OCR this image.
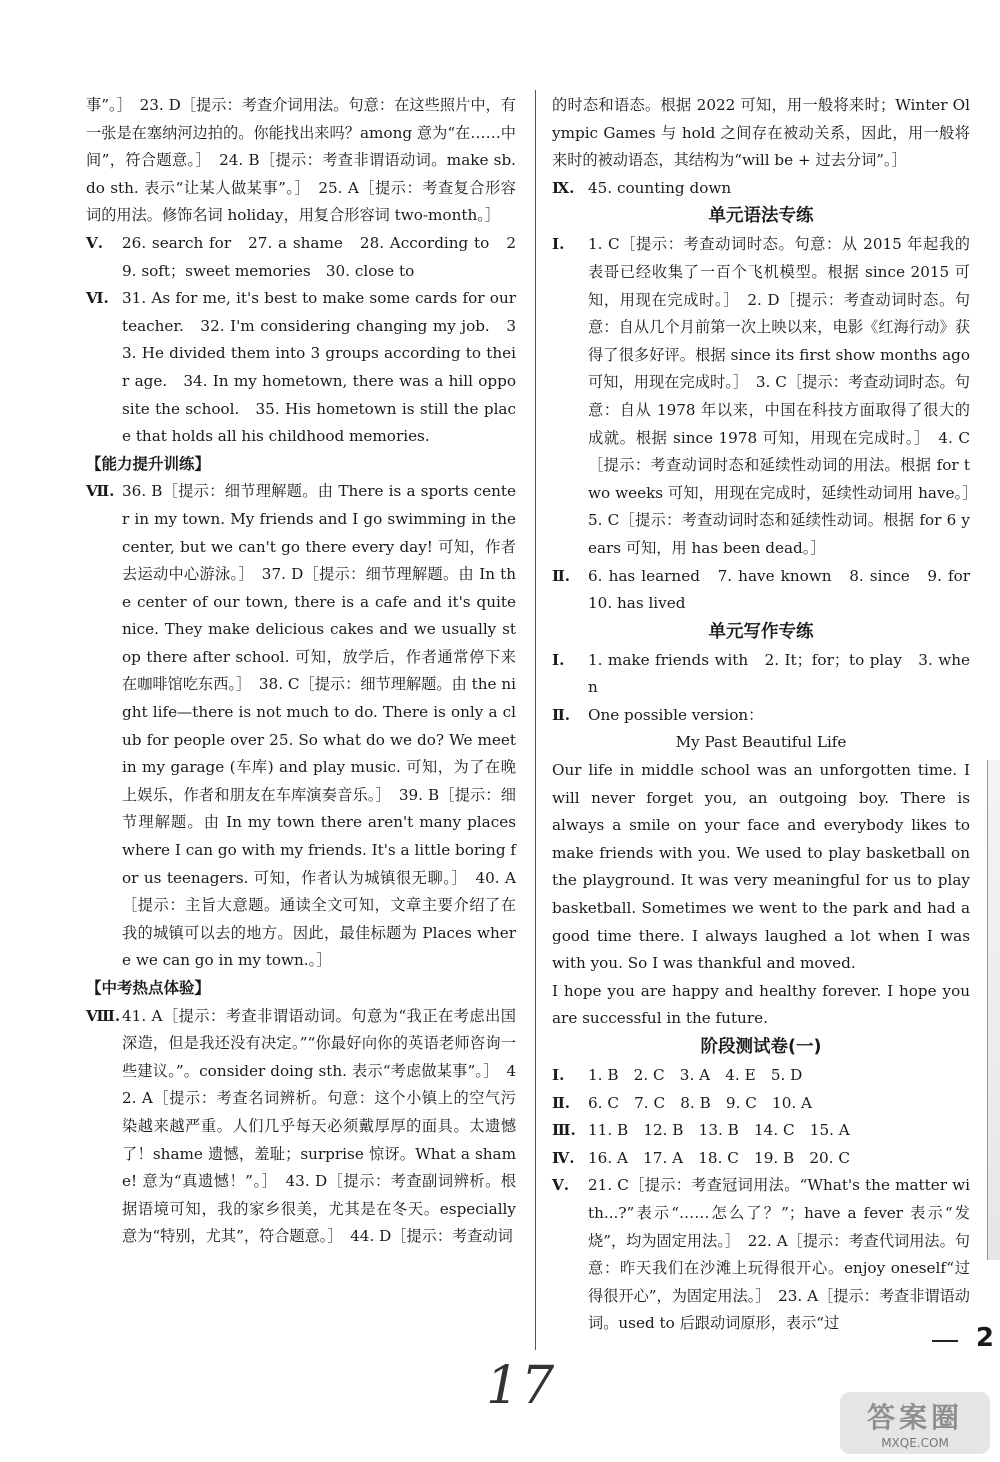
事”。］　23. D［提示：考查介词用法。句意：在这些照片中，有一张是在塞纳河边拍的。你能找出来吗？among 意为“在……中间”，符合题意。］　24. B［提示：考查非谓语动词。make sb. do sth. 表示“让某人做某事”。］　25. A［提示：考查复合形容词的用法。修饰名词 holiday，用复合形容词 two-month。］

Ⅴ. 26. search for　27. a shame　28. According to　29. soft；sweet memories　30. close to

Ⅵ. 31. As for me, it's best to make some cards for our teacher.　32. I'm considering changing my job.　33. He divided them into 3 groups according to their age.　34. In my hometown, there was a hill opposite the school.　35. His hometown is still the place that holds all his childhood memories.

【能力提升训练】

Ⅶ. 36. B［提示：细节理解题。由 There is a sports center in my town. My friends and I go swimming in the center, but we can't go there every day! 可知，作者去运动中心游泳。］　37. D［提示：细节理解题。由 In the center of our town, there is a cafe and it's quite nice. They make delicious cakes and we usually stop there after school. 可知，放学后，作者通常停下来在咖啡馆吃东西。］　38. C［提示：细节理解题。由 the night life—there is not much to do. There is only a club for people over 25. So what do we do? We meet in my garage (车库) and play music. 可知，为了在晚上娱乐，作者和朋友在车库演奏音乐。］　39. B［提示：细节理解题。由 In my town there aren't many places where I can go with my friends. It's a little boring for us teenagers. 可知，作者认为城镇很无聊。］　40. A［提示：主旨大意题。通读全文可知，文章主要介绍了在我的城镇可以去的地方。因此，最佳标题为 Places where we can go in my town.。］

【中考热点体验】

Ⅷ. 41. A［提示：考查非谓语动词。句意为“我正在考虑出国深造，但是我还没有决定。”“你最好向你的英语老师咨询一些建议。”。consider doing sth. 表示“考虑做某事”。］　42. A［提示：考查名词辨析。句意：这个小镇上的空气污染越来越严重。人们几乎每天必须戴厚厚的面具。太遗憾了！shame 遗憾，羞耻；surprise 惊讶。What a shame! 意为“真遗憾！”。］　43. D［提示：考查副词辨析。根据语境可知，我的家乡很美，尤其是在冬天。especially 意为“特别，尤其”，符合题意。］　44. D［提示：考查动词

的时态和语态。根据 2022 可知，用一般将来时；Winter Olympic Games 与 hold 之间存在被动关系，因此，用一般将来时的被动语态，其结构为“will be + 过去分词”。］

Ⅸ. 45. counting down

单元语法专练

Ⅰ. 1. C［提示：考查动词时态。句意：从 2015 年起我的表哥已经收集了一百个飞机模型。根据 since 2015 可知，用现在完成时。］　2. D［提示：考查动词时态。句意：自从几个月前第一次上映以来，电影《红海行动》获得了很多好评。根据 since its first show months ago 可知，用现在完成时。］　3. C［提示：考查动词时态。句意：自从 1978 年以来，中国在科技方面取得了很大的成就。根据 since 1978 可知，用现在完成时。］　4. C［提示：考查动词时态和延续性动词的用法。根据 for two weeks 可知，用现在完成时，延续性动词用 have。］　5. C［提示：考查动词时态和延续性动词。根据 for 6 years 可知，用 has been dead。］

Ⅱ. 6. has learned　7. have known　8. since　9. for　10. has lived

单元写作专练

Ⅰ. 1. make friends with　2. It；for；to play　3. when

Ⅱ. One possible version：

My Past Beautiful Life

Our life in middle school was an unforgotten time. I will never forget you, an outgoing boy. There is always a smile on your face and everybody likes to make friends with you. We used to play basketball on the playground. It was very meaningful for us to play basketball. Sometimes we went to the park and had a good time there. I always laughed a lot when I was with you. So I was thankful and moved.

I hope you are happy and healthy forever. I hope you are successful in the future.

阶段测试卷(一)

Ⅰ. 1. B　2. C　3. A　4. E　5. D

Ⅱ. 6. C　7. C　8. B　9. C　10. A

Ⅲ. 11. B　12. B　13. B　14. C　15. A

Ⅳ. 16. A　17. A　18. C　19. B　20. C

Ⅴ. 21. C［提示：考查冠词用法。“What's the matter with...?”表示“……怎么了？”；have a fever 表示“发烧”，均为固定用法。］　22. A［提示：考查代词用法。句意：昨天我们在沙滩上玩得很开心。enjoy oneself“过得很开心”，为固定用法。］　23. A［提示：考查非谓语动词。used to 后跟动词原形，表示“过	2
17
答案圈
MXQE.COM
